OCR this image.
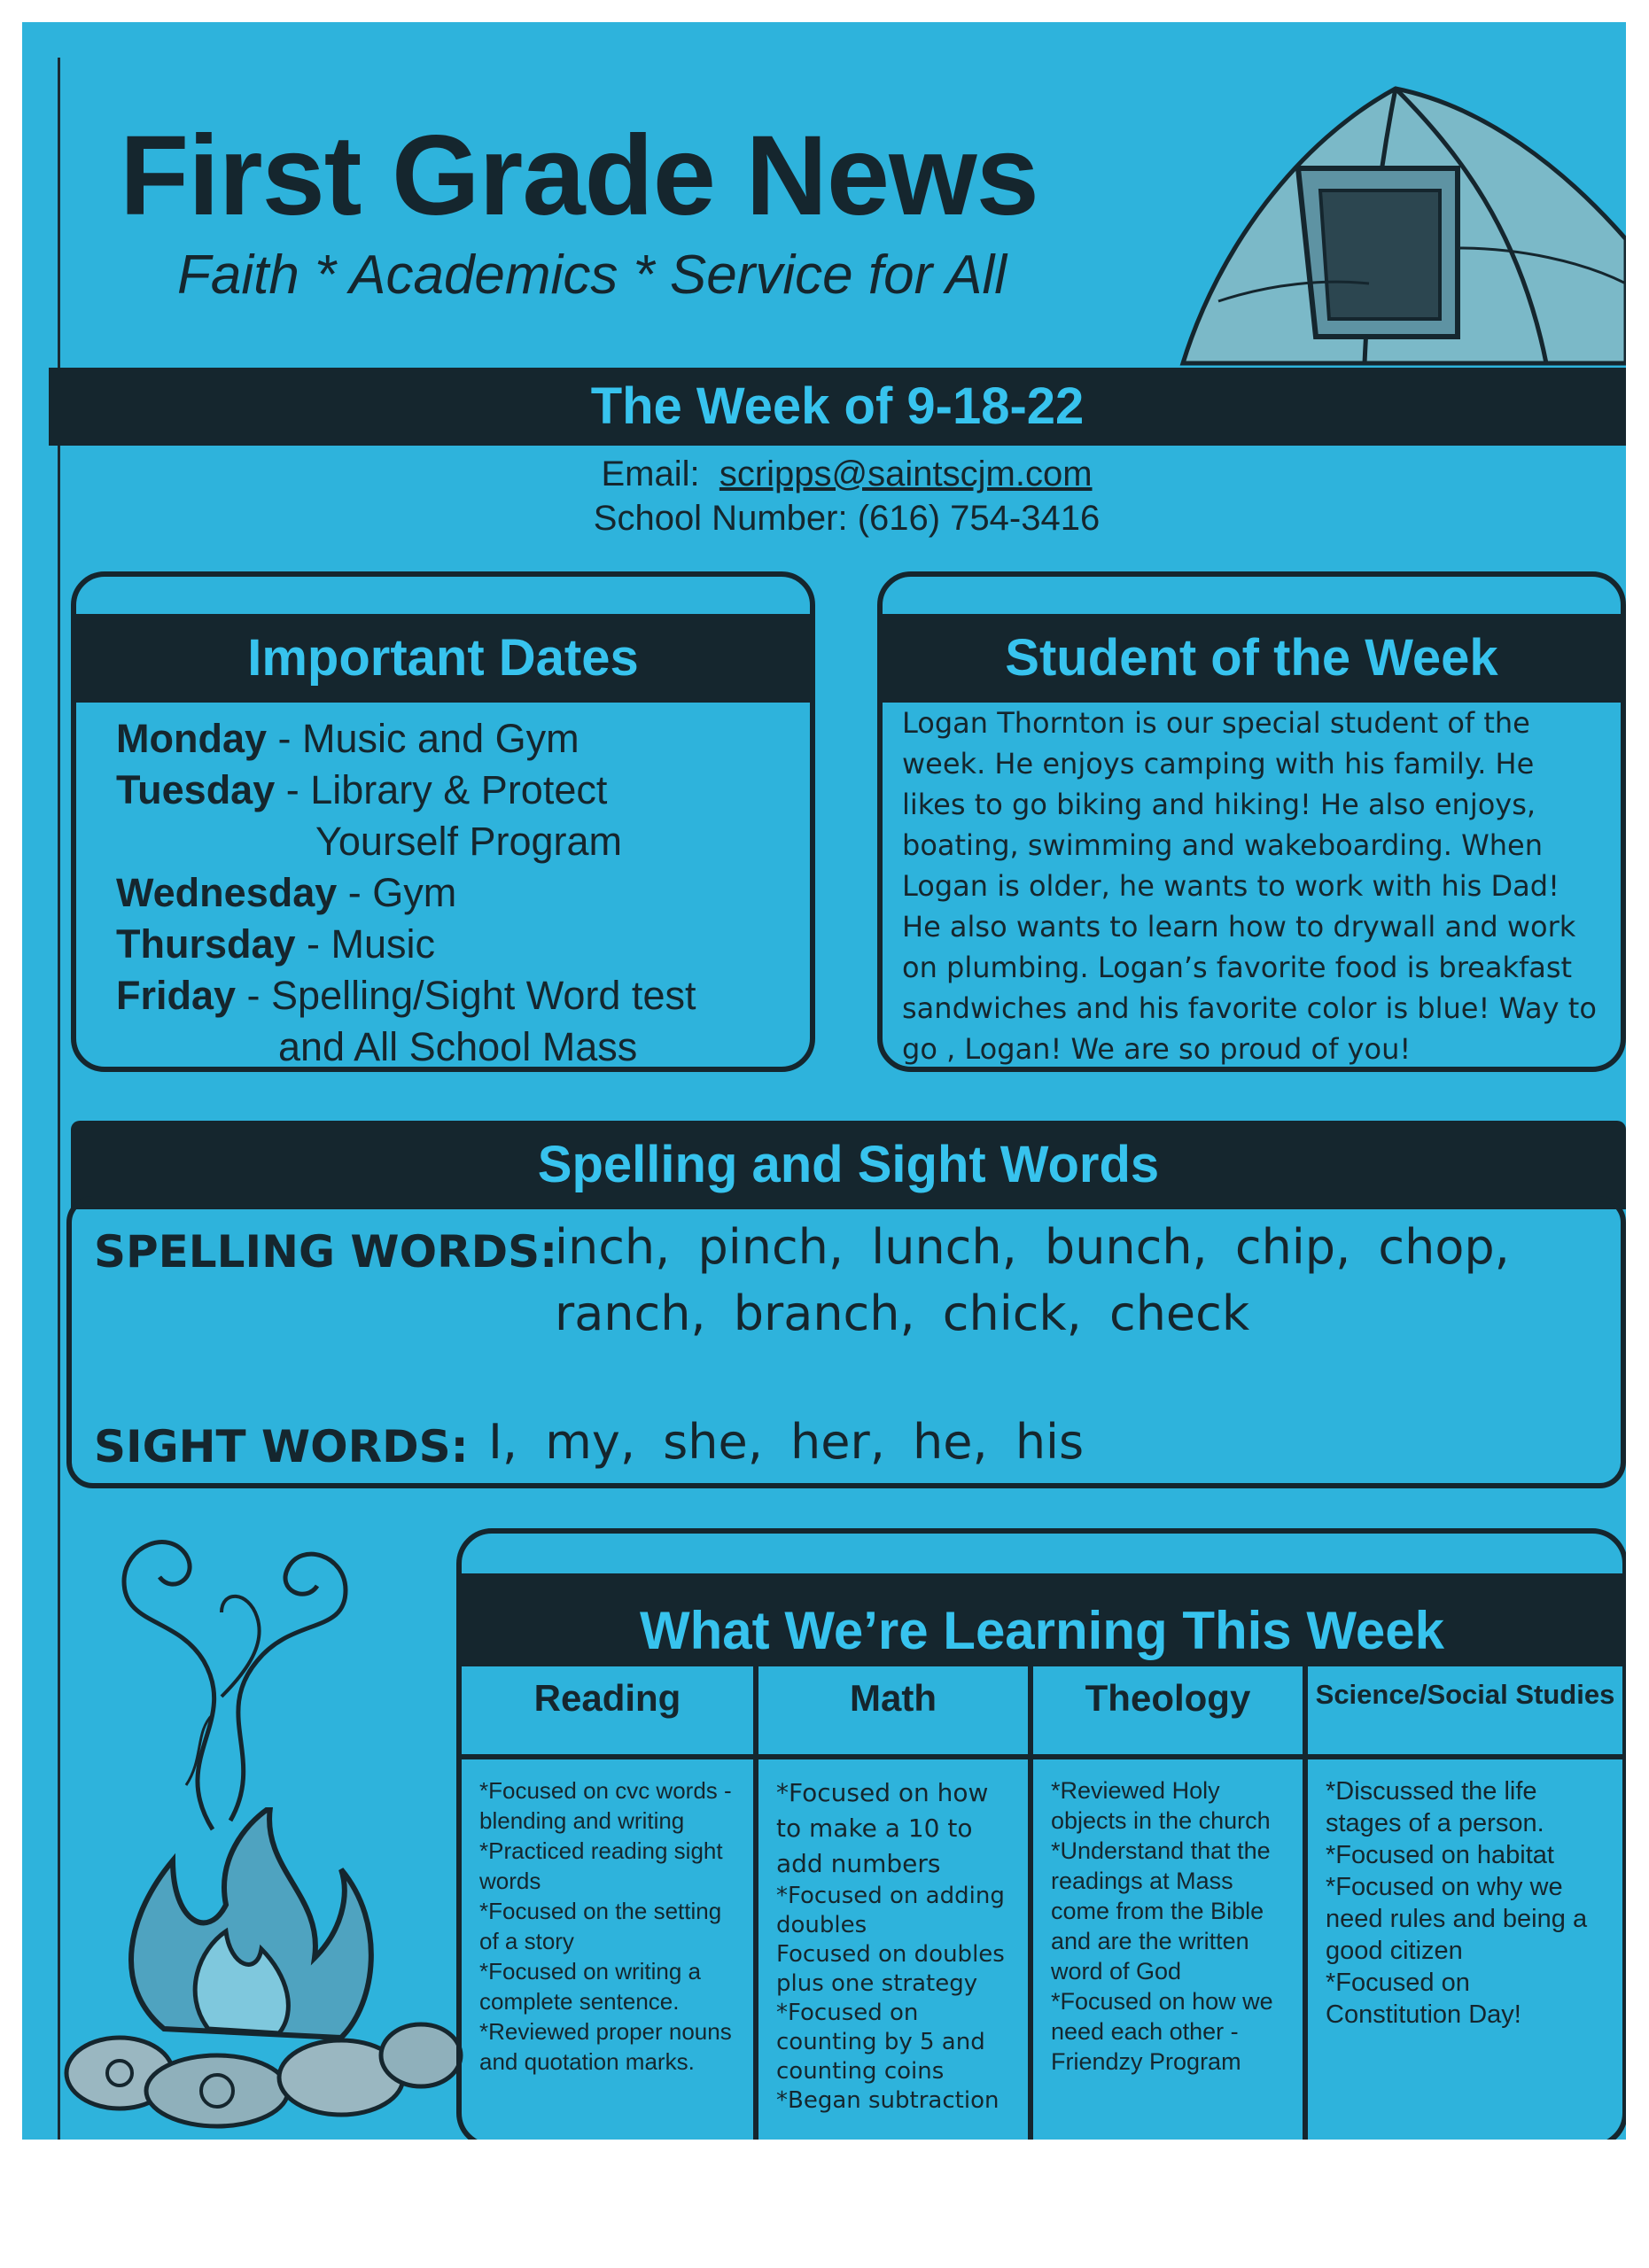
First Grade News
Faith * Academics * Service for All
The Week of 9-18-22
Email: scripps@saintscjm.com
School Number: (616) 754-3416
Important Dates
Monday - Music and Gym
Tuesday - Library & Protect
Yourself Program
Wednesday - Gym
Thursday - Music
Friday - Spelling/Sight Word test
and All School Mass
Student of the Week
Logan Thornton is our special student of the week. He enjoys camping with his family. He likes to go biking and hiking! He also enjoys, boating, swimming and wakeboarding. When Logan is older, he wants to work with his Dad! He also wants to learn how to drywall and work on plumbing. Logan’s favorite food is breakfast sandwiches and his favorite color is blue! Way to go , Logan! We are so proud of you!
Spelling and Sight Words
SPELLING WORDS:
inch, pinch, lunch, bunch, chip, chop,
ranch, branch, chick, check
SIGHT WORDS: I, my, she, her, he, his
What We’re Learning This Week
Reading

*Focused on cvc words - blending and writing

*Practiced reading sight words

*Focused on the setting of a story

*Focused on writing a complete sentence.

*Reviewed proper nouns and quotation marks.

Math

*Focused on how to make a 10 to add numbers

*Focused on adding doubles

Focused on doubles plus one strategy

*Focused on counting by 5 and counting coins

*Began subtraction

Theology

*Reviewed Holy objects in the church

*Understand that the readings at Mass come from the Bible and are the written word of God

*Focused on how we need each other - Friendzy Program

Science/Social Studies

*Discussed the life stages of a person.

*Focused on habitat

*Focused on why we need rules and being a good citizen

*Focused on Constitution Day!
